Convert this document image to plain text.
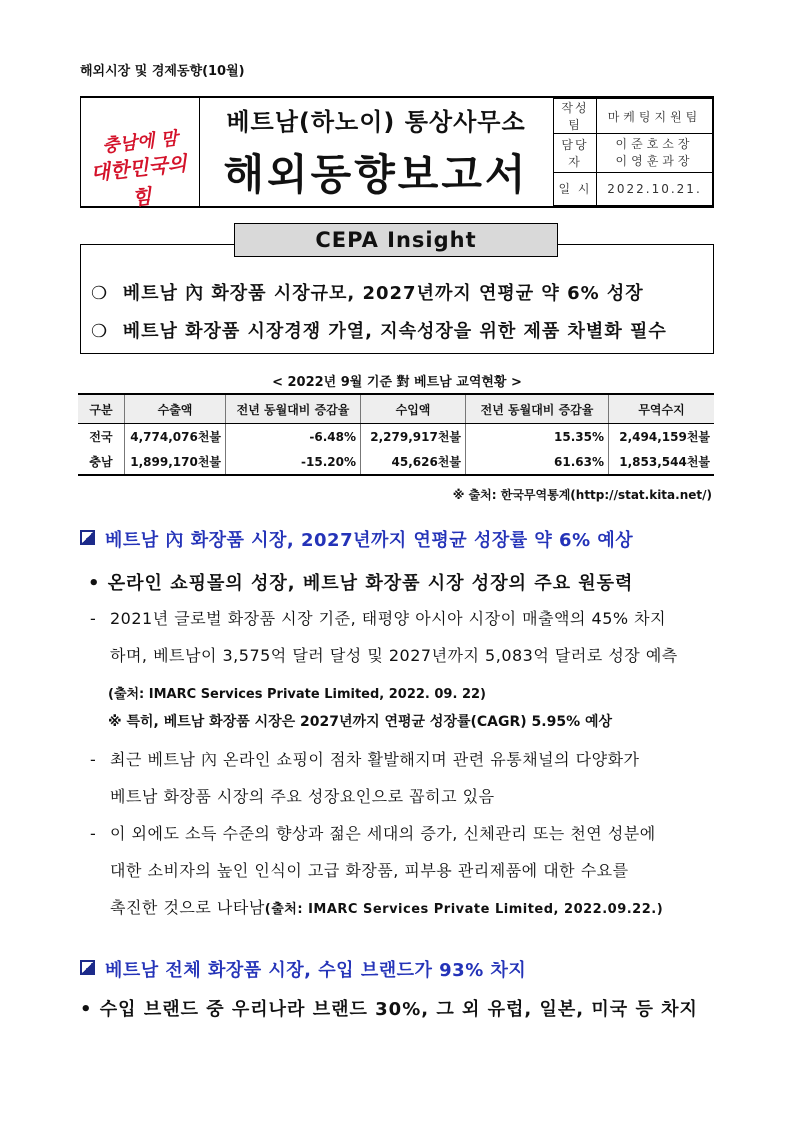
해외시장 및 경제동향(10월)
충남에 맘
대한민국의 힘
베트남(하노이) 통상사무소
해외동향보고서
작성팀	마케팅지원팀
담당자	이준호소장
이영훈과장
일 시	2022.10.21.
❍ 베트남 內 화장품 시장규모, 2027년까지 연평균 약 6% 성장
❍ 베트남 화장품 시장경쟁 가열, 지속성장을 위한 제품 차별화 필수
CEPA Insight
< 2022년 9월 기준 對 베트남 교역현황 >
구분	수출액	전년 동월대비 증감율	수입액	전년 동월대비 증감율	무역수지
전국	4,774,076천불	-6.48%	2,279,917천불	15.35%	2,494,159천불
충남	1,899,170천불	-15.20%	45,626천불	61.63%	1,853,544천불
※ 출처: 한국무역통계(http://stat.kita.net/)
베트남 內 화장품 시장, 2027년까지 연평균 성장률 약 6% 예상
• 온라인 쇼핑몰의 성장, 베트남 화장품 시장 성장의 주요 원동력
- 2021년 글로벌 화장품 시장 기준, 태평양 아시아 시장이 매출액의 45% 차지
하며, 베트남이 3,575억 달러 달성 및 2027년까지 5,083억 달러로 성장 예측
(출처: IMARC Services Private Limited, 2022. 09. 22)
※ 특히, 베트남 화장품 시장은 2027년까지 연평균 성장률(CAGR) 5.95% 예상
- 최근 베트남 內 온라인 쇼핑이 점차 활발해지며 관련 유통채널의 다양화가
베트남 화장품 시장의 주요 성장요인으로 꼽히고 있음
- 이 외에도 소득 수준의 향상과 젊은 세대의 증가, 신체관리 또는 천연 성분에
대한 소비자의 높인 인식이 고급 화장품, 피부용 관리제품에 대한 수요를
촉진한 것으로 나타남(출처: IMARC Services Private Limited, 2022.09.22.)
베트남 전체 화장품 시장, 수입 브랜드가 93% 차지
• 수입 브랜드 중 우리나라 브랜드 30%, 그 외 유럽, 일본, 미국 등 차지
